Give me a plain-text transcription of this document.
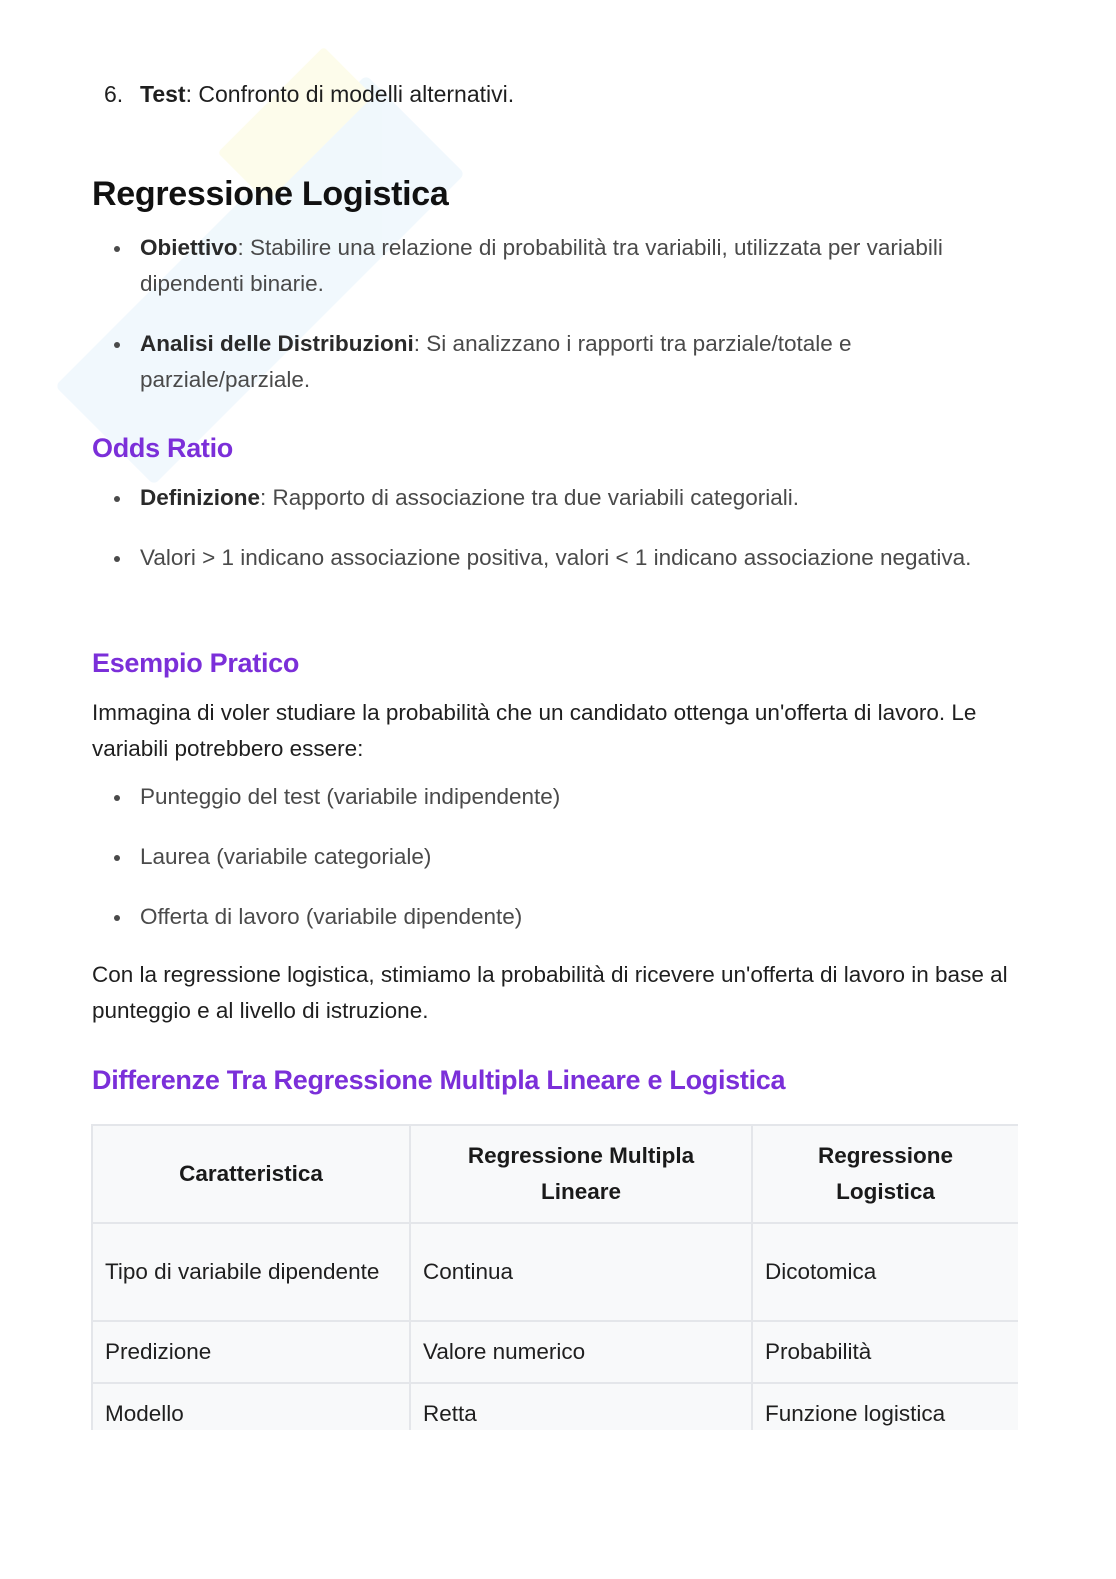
6. Test: Confronto di modelli alternativi.
Regressione Logistica
Obiettivo: Stabilire una relazione di probabilità tra variabili, utilizzata per variabili dipendenti binarie.
Analisi delle Distribuzioni: Si analizzano i rapporti tra parziale/totale e parziale/parziale.
Odds Ratio
Definizione: Rapporto di associazione tra due variabili categoriali.
Valori > 1 indicano associazione positiva, valori < 1 indicano associazione negativa.
Esempio Pratico
Immagina di voler studiare la probabilità che un candidato ottenga un'offerta di lavoro. Le variabili potrebbero essere:
Punteggio del test (variabile indipendente)
Laurea (variabile categoriale)
Offerta di lavoro (variabile dipendente)
Con la regressione logistica, stimiamo la probabilità di ricevere un'offerta di lavoro in base al punteggio e al livello di istruzione.
Differenze Tra Regressione Multipla Lineare e Logistica
Caratteristica	Regressione Multipla Lineare	Regressione Logistica
Tipo di variabile dipendente	Continua	Dicotomica
Predizione	Valore numerico	Probabilità
Modello	Retta	Funzione logistica
